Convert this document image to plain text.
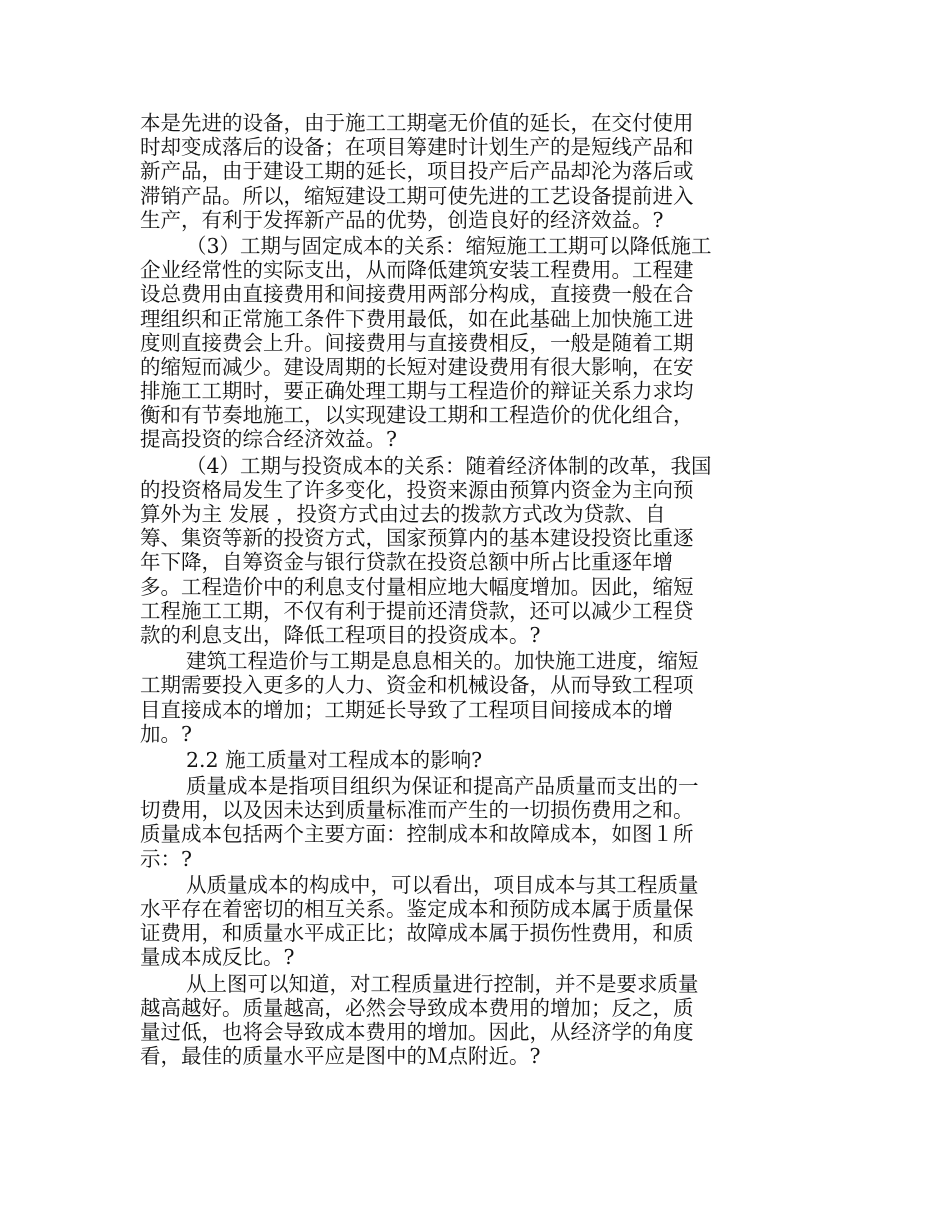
本是先进的设备，由于施工工期毫无价值的延长，在交付使用
时却变成落后的设备；在项目筹建时计划生产的是短线产品和
新产品，由于建设工期的延长，项目投产后产品却沦为落后或
滞销产品。所以，缩短建设工期可使先进的工艺设备提前进入
生产，有利于发挥新产品的优势，创造良好的经济效益。?
（3）工期与固定成本的关系：缩短施工工期可以降低施工
企业经常性的实际支出，从而降低建筑安装工程费用。工程建
设总费用由直接费用和间接费用两部分构成，直接费一般在合
理组织和正常施工条件下费用最低，如在此基础上加快施工进
度则直接费会上升。间接费用与直接费相反，一般是随着工期
的缩短而减少。建设周期的长短对建设费用有很大影响，在安
排施工工期时，要正确处理工期与工程造价的辩证关系力求均
衡和有节奏地施工，以实现建设工期和工程造价的优化组合，
提高投资的综合经济效益。?
（4）工期与投资成本的关系：随着经济体制的改革，我国
的投资格局发生了许多变化，投资来源由预算内资金为主向预
算外为主 发展 ，投资方式由过去的拨款方式改为贷款、自
筹、集资等新的投资方式，国家预算内的基本建设投资比重逐
年下降，自筹资金与银行贷款在投资总额中所占比重逐年增
多。工程造价中的利息支付量相应地大幅度增加。因此，缩短
工程施工工期，不仅有利于提前还清贷款，还可以减少工程贷
款的利息支出，降低工程项目的投资成本。?
建筑工程造价与工期是息息相关的。加快施工进度，缩短
工期需要投入更多的人力、资金和机械设备，从而导致工程项
目直接成本的增加；工期延长导致了工程项目间接成本的增
加。?
2.2 施工质量对工程成本的影响?
质量成本是指项目组织为保证和提高产品质量而支出的一
切费用，以及因未达到质量标准而产生的一切损伤费用之和。
质量成本包括两个主要方面：控制成本和故障成本，如图１所
示：?
从质量成本的构成中，可以看出，项目成本与其工程质量
水平存在着密切的相互关系。鉴定成本和预防成本属于质量保
证费用，和质量水平成正比；故障成本属于损伤性费用，和质
量成本成反比。?
从上图可以知道，对工程质量进行控制，并不是要求质量
越高越好。质量越高，必然会导致成本费用的增加；反之，质
量过低，也将会导致成本费用的增加。因此，从经济学的角度
看，最佳的质量水平应是图中的Ｍ点附近。?
